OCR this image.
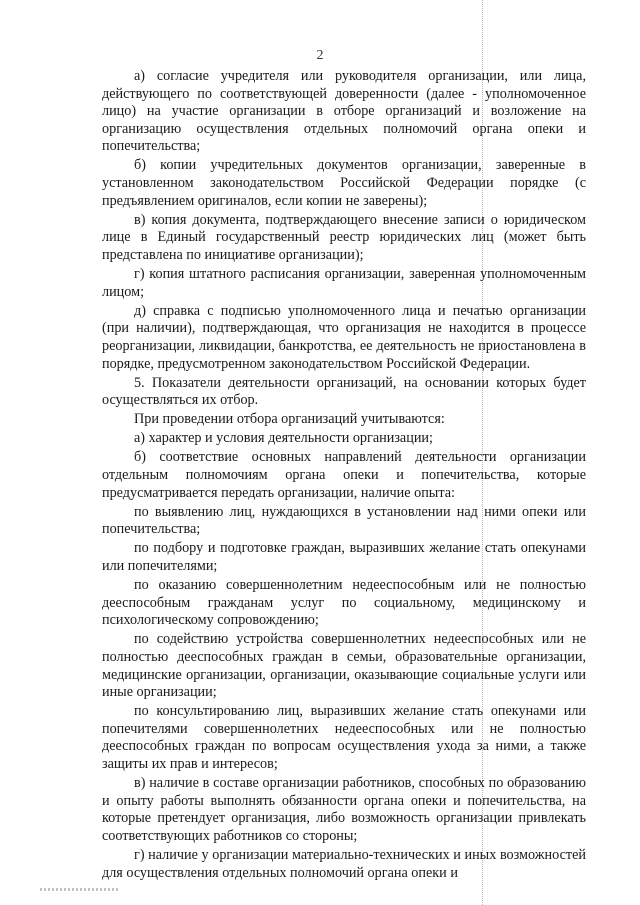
2

а) согласие учредителя или руководителя организации, или лица, действующего по соответствующей доверенности (далее - уполномоченное лицо) на участие организации в отборе организаций и возложение на организацию осуществления отдельных полномочий органа опеки и попечительства;

б) копии учредительных документов организации, заверенные в установленном законодательством Российской Федерации порядке (с предъявлением оригиналов, если копии не заверены);

в) копия документа, подтверждающего внесение записи о юридическом лице в Единый государственный реестр юридических лиц (может быть представлена по инициативе организации);

г) копия штатного расписания организации, заверенная уполномоченным лицом;

д) справка с подписью уполномоченного лица и печатью организации (при наличии), подтверждающая, что организация не находится в процессе реорганизации, ликвидации, банкротства, ее деятельность не приостановлена в порядке, предусмотренном законодательством Российской Федерации.

5. Показатели деятельности организаций, на основании которых будет осуществляться их отбор.

При проведении отбора организаций учитываются:

а) характер и условия деятельности организации;

б) соответствие основных направлений деятельности организации отдельным полномочиям органа опеки и попечительства, которые предусматривается передать организации, наличие опыта:

по выявлению лиц, нуждающихся в установлении над ними опеки или попечительства;

по подбору и подготовке граждан, выразивших желание стать опекунами или попечителями;

по оказанию совершеннолетним недееспособным или не полностью дееспособным гражданам услуг по социальному, медицинскому и психологическому сопровождению;

по содействию устройства совершеннолетних недееспособных или не полностью дееспособных граждан в семьи, образовательные организации, медицинские организации, организации, оказывающие социальные услуги или иные организации;

по консультированию лиц, выразивших желание стать опекунами или попечителями совершеннолетних недееспособных или не полностью дееспособных граждан по вопросам осуществления ухода за ними, а также защиты их прав и интересов;

в) наличие в составе организации работников, способных по образованию и опыту работы выполнять обязанности органа опеки и попечительства, на которые претендует организация, либо возможность организации привлекать соответствующих работников со стороны;

г) наличие у организации материально-технических и иных возможностей для осуществления отдельных полномочий органа опеки и
